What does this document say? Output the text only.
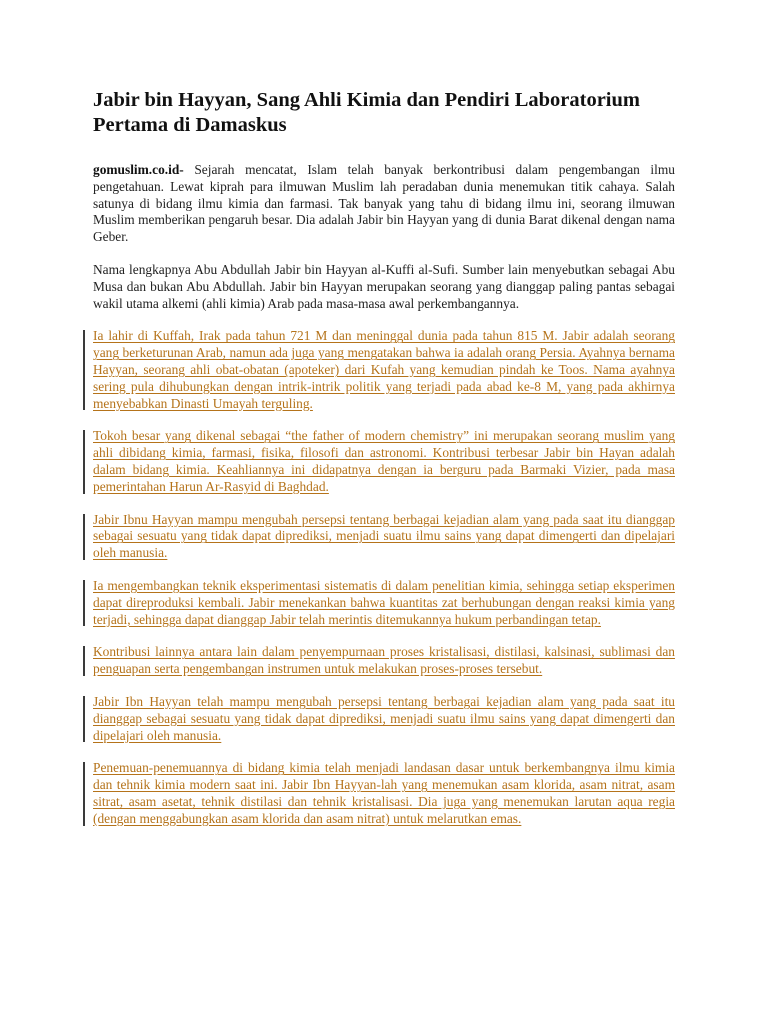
Jabir bin Hayyan, Sang Ahli Kimia dan Pendiri Laboratorium Pertama di Damaskus

gomuslim.co.id- Sejarah mencatat, Islam telah banyak berkontribusi dalam pengembangan ilmu pengetahuan. Lewat kiprah para ilmuwan Muslim lah peradaban dunia menemukan titik cahaya. Salah satunya di bidang ilmu kimia dan farmasi. Tak banyak yang tahu di bidang ilmu ini, seorang ilmuwan Muslim memberikan pengaruh besar. Dia adalah Jabir bin Hayyan yang di dunia Barat dikenal dengan nama Geber.

Nama lengkapnya Abu Abdullah Jabir bin Hayyan al-Kuffi al-Sufi. Sumber lain menyebutkan sebagai Abu Musa dan bukan Abu Abdullah. Jabir bin Hayyan merupakan seorang yang dianggap paling pantas sebagai wakil utama alkemi (ahli kimia) Arab pada masa-masa awal perkembangannya.

Ia lahir di Kuffah, Irak pada tahun 721 M dan meninggal dunia pada tahun 815 M. Jabir adalah seorang yang berketurunan Arab, namun ada juga yang mengatakan bahwa ia adalah orang Persia. Ayahnya bernama Hayyan, seorang ahli obat-obatan (apoteker) dari Kufah yang kemudian pindah ke Toos. Nama ayahnya sering pula dihubungkan dengan intrik-intrik politik yang terjadi pada abad ke-8 M, yang pada akhirnya menyebabkan Dinasti Umayah terguling.
Tokoh besar yang dikenal sebagai “the father of modern chemistry” ini merupakan seorang muslim yang ahli dibidang kimia, farmasi, fisika, filosofi dan astronomi. Kontribusi terbesar Jabir bin Hayan adalah dalam bidang kimia. Keahliannya ini didapatnya dengan ia berguru pada Barmaki Vizier, pada masa pemerintahan Harun Ar-Rasyid di Baghdad.
Jabir Ibnu Hayyan mampu mengubah persepsi tentang berbagai kejadian alam yang pada saat itu dianggap sebagai sesuatu yang tidak dapat diprediksi, menjadi suatu ilmu sains yang dapat dimengerti dan dipelajari oleh manusia.
Ia mengembangkan teknik eksperimentasi sistematis di dalam penelitian kimia, sehingga setiap eksperimen dapat direproduksi kembali. Jabir menekankan bahwa kuantitas zat berhubungan dengan reaksi kimia yang terjadi, sehingga dapat dianggap Jabir telah merintis ditemukannya hukum perbandingan tetap.
Kontribusi lainnya antara lain dalam penyempurnaan proses kristalisasi, distilasi, kalsinasi, sublimasi dan penguapan serta pengembangan instrumen untuk melakukan proses-proses tersebut.
Jabir Ibn Hayyan telah mampu mengubah persepsi tentang berbagai kejadian alam yang pada saat itu dianggap sebagai sesuatu yang tidak dapat diprediksi, menjadi suatu ilmu sains yang dapat dimengerti dan dipelajari oleh manusia.
Penemuan-penemuannya di bidang kimia telah menjadi landasan dasar untuk berkembangnya ilmu kimia dan tehnik kimia modern saat ini. Jabir Ibn Hayyan-lah yang menemukan asam klorida, asam nitrat, asam sitrat, asam asetat, tehnik distilasi dan tehnik kristalisasi. Dia juga yang menemukan larutan aqua regia (dengan menggabungkan asam klorida dan asam nitrat) untuk melarutkan emas.
